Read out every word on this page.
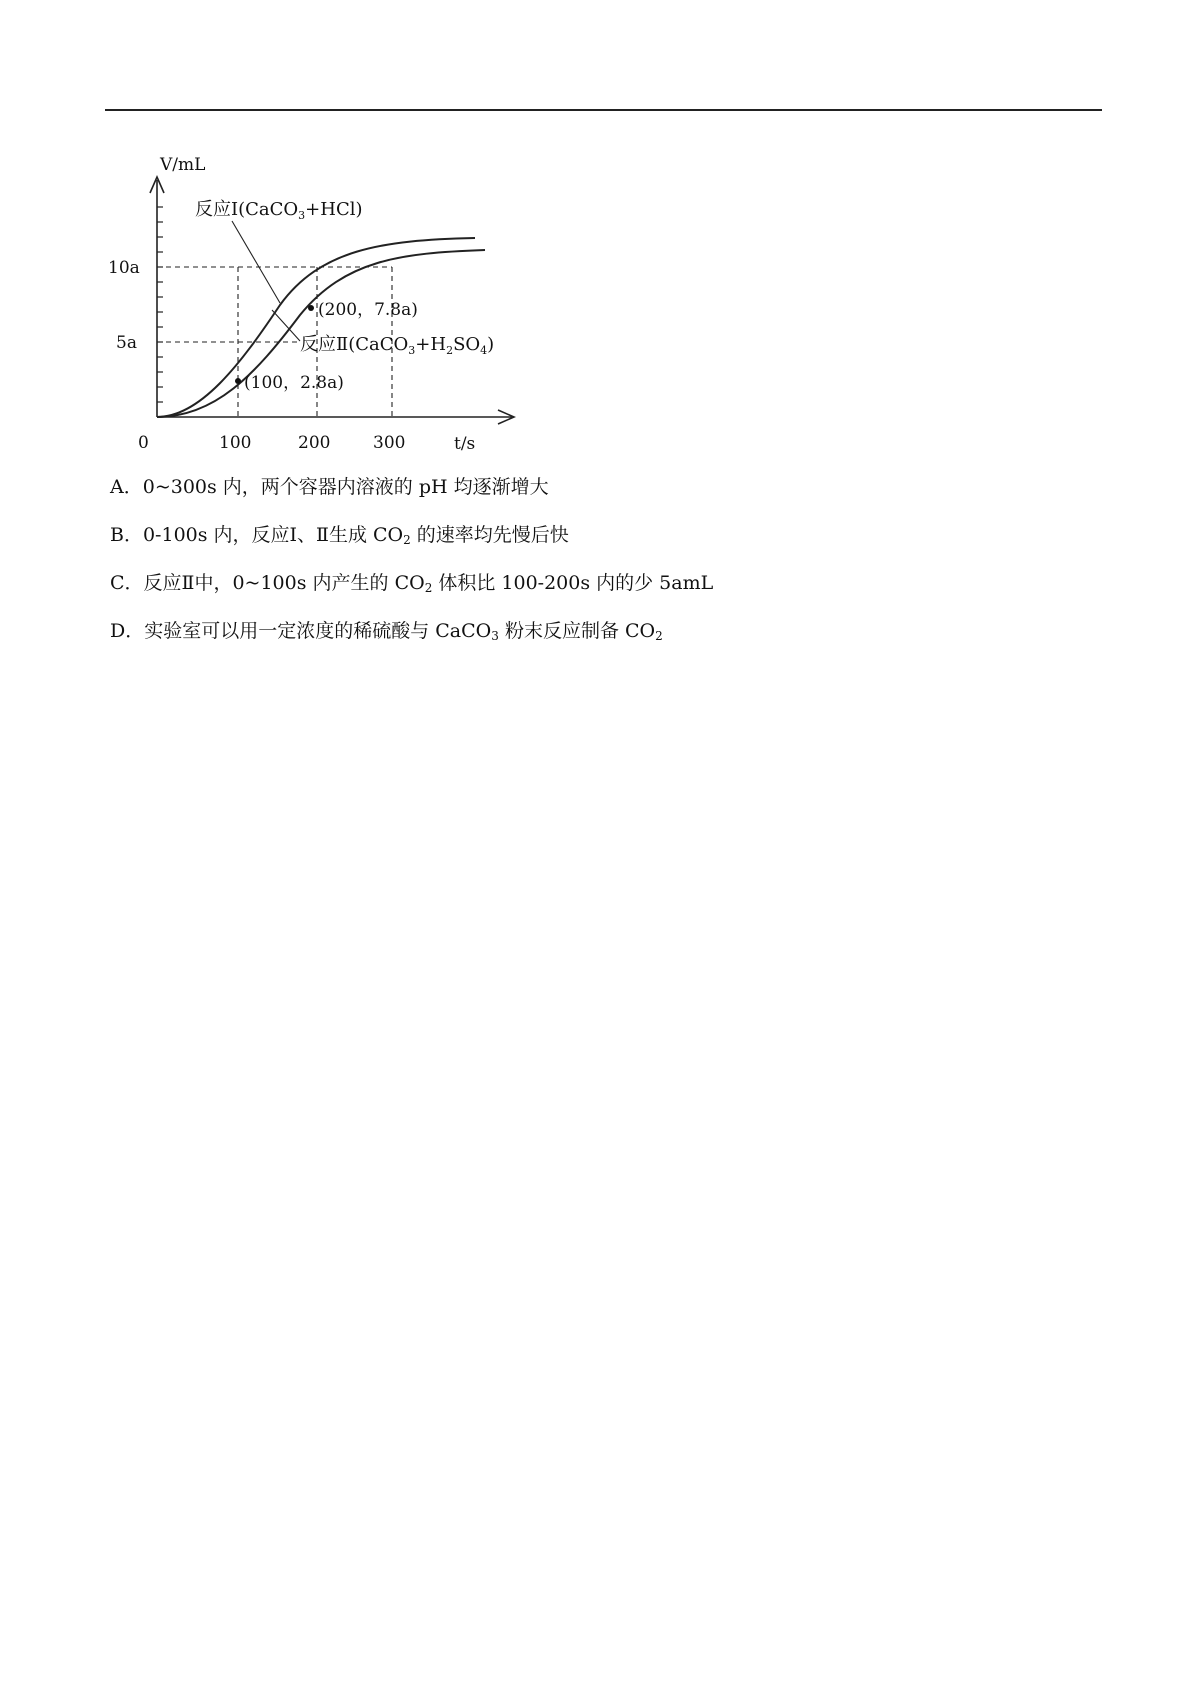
V/mL
t/s
0
10a
5a
100	200	300
反应Ⅰ(CaCO$_3$+HCl)
反应$Ⅱ(CaCO_3+H_2SO_4)$
(200，7.8a)
(100，2.8a)
A．0~300s 内，两个容器内溶液的 pH 均逐渐增大
B．0-100s 内，反应Ⅰ、Ⅱ生成 $CO_2$ 的速率均先慢后快
C．反应Ⅱ中，0~100s 内产生的 $CO_2$ 体积比 100-200s 内的少 5amL
D．实验室可以用一定浓度的稀硫酸与 CaCO$_3$ 粉末反应制备 $CO_2$
